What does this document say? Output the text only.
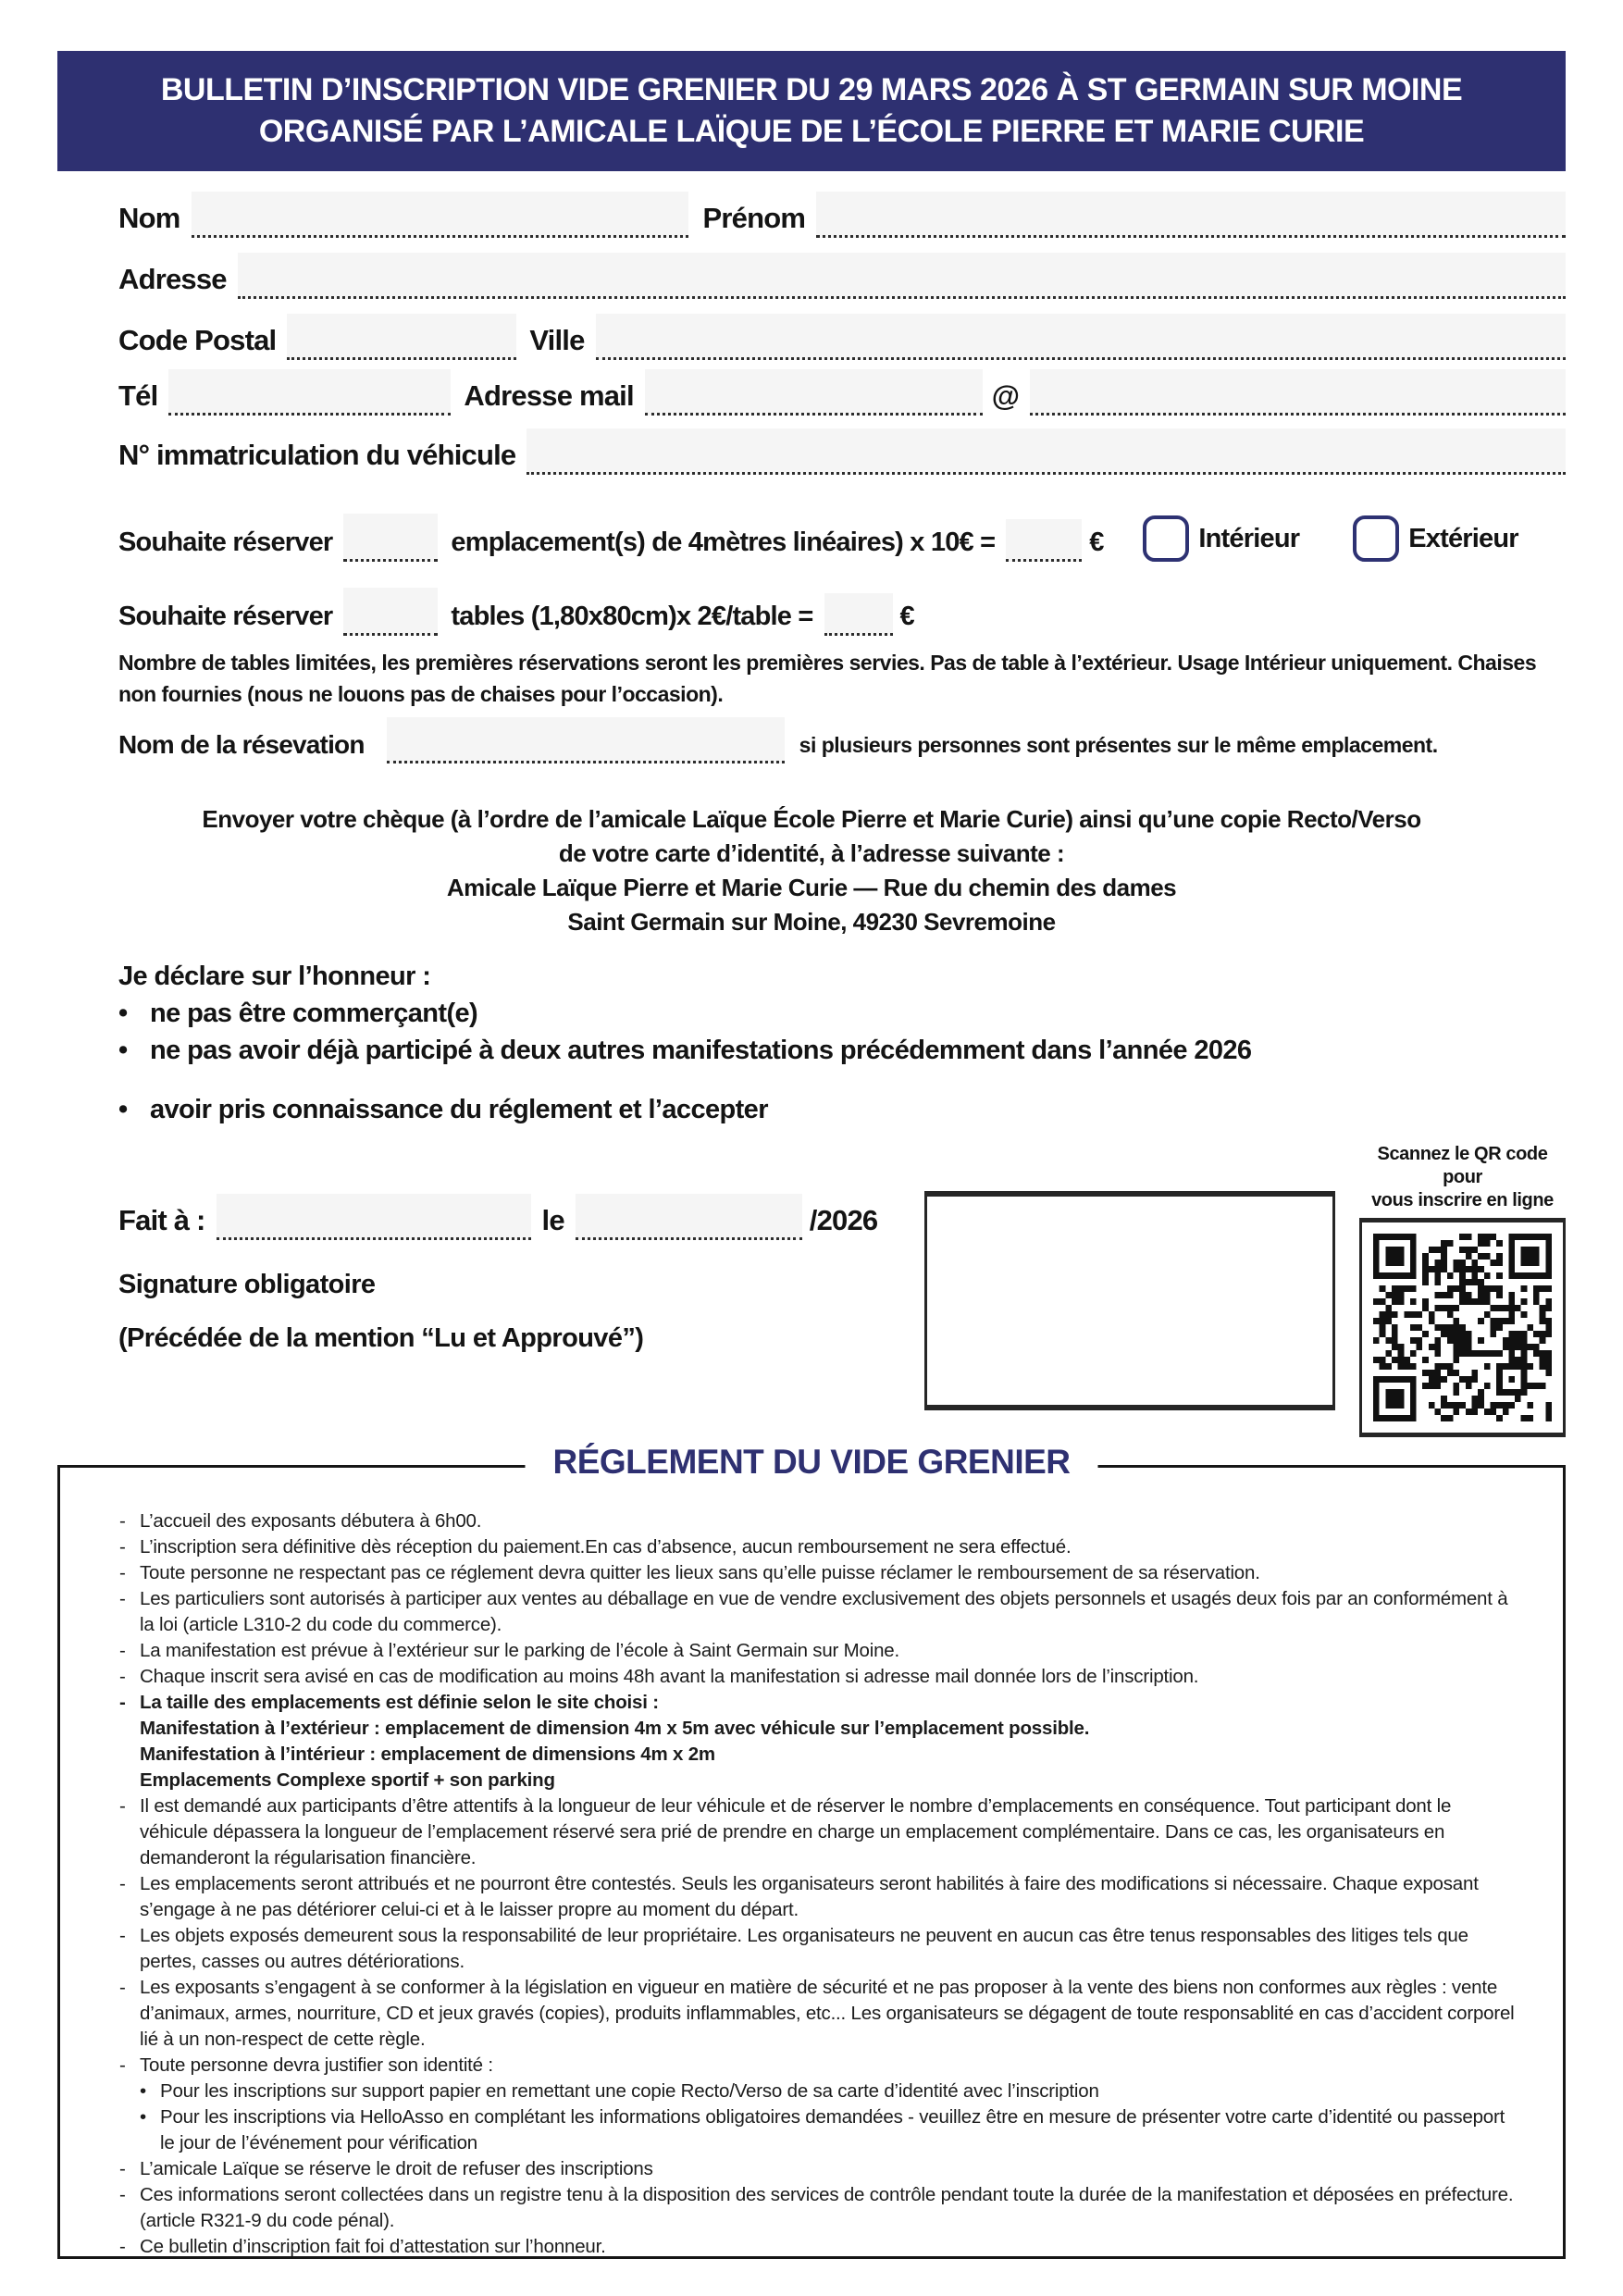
BULLETIN D’INSCRIPTION VIDE GRENIER DU 29 MARS 2026 À ST GERMAIN SUR MOINE
ORGANISÉ PAR L’AMICALE LAÏQUE DE L’ÉCOLE PIERRE ET MARIE CURIE
Nom	Prénom
Adresse
Code Postal	Ville
Tél	Adresse mail	@
N° immatriculation du véhicule
Souhaite réserver	emplacement(s) de 4mètres linéaires) x 10€ =	€	Intérieur	Extérieur
Souhaite réserver	tables (1,80x80cm)x 2€/table =	€
Nombre de tables limitées, les premières réservations seront les premières servies. Pas de table à l’extérieur. Usage Intérieur uniquement. Chaises non fournies (nous ne louons pas de chaises pour l’occasion).
Nom de la résevation	si plusieurs personnes sont présentes sur le même emplacement.
Envoyer votre chèque (à l’ordre de l’amicale Laïque École Pierre et Marie Curie) ainsi qu’une copie Recto/Verso
de votre carte d’identité, à l’adresse suivante :
Amicale Laïque Pierre et Marie Curie — Rue du chemin des dames
Saint Germain sur Moine, 49230 Sevremoine
Je déclare sur l’honneur :
• ne pas être commerçant(e)
• ne pas avoir déjà participé à deux autres manifestations précédemment dans l’année 2026
• avoir pris connaissance du réglement et l’accepter
Fait à :	le	/2026
Signature obligatoire
(Précédée de la mention “Lu et Approuvé”)
Scannez le QR code pour
vous inscrire en ligne
RÉGLEMENT DU VIDE GRENIER
- L’accueil des exposants débutera à 6h00.
- L’inscription sera définitive dès réception du paiement.En cas d’absence, aucun remboursement ne sera effectué.
- Toute personne ne respectant pas ce réglement devra quitter les lieux sans qu’elle puisse réclamer le remboursement de sa réservation.
- Les particuliers sont autorisés à participer aux ventes au déballage en vue de vendre exclusivement des objets personnels et usagés deux fois par an conformément à la loi (article L310-2 du code du commerce).
- La manifestation est prévue à l’extérieur sur le parking de l’école à Saint Germain sur Moine.
- Chaque inscrit sera avisé en cas de modification au moins 48h avant la manifestation si adresse mail donnée lors de l’inscription.
- La taille des emplacements est définie selon le site choisi :
Manifestation à l’extérieur : emplacement de dimension 4m x 5m avec véhicule sur l’emplacement possible.
Manifestation à l’intérieur : emplacement de dimensions 4m x 2m
Emplacements Complexe sportif + son parking
- Il est demandé aux participants d’être attentifs à la longueur de leur véhicule et de réserver le nombre d’emplacements en conséquence. Tout participant dont le véhicule dépassera la longueur de l’emplacement réservé sera prié de prendre en charge un emplacement complémentaire. Dans ce cas, les organisateurs en demanderont la régularisation financière.
- Les emplacements seront attribués et ne pourront être contestés. Seuls les organisateurs seront habilités à faire des modifications si nécessaire. Chaque exposant s’engage à ne pas détériorer celui-ci et à le laisser propre au moment du départ.
- Les objets exposés demeurent sous la responsabilité de leur propriétaire. Les organisateurs ne peuvent en aucun cas être tenus responsables des litiges tels que pertes, casses ou autres détériorations.
- Les exposants s’engagent à se conformer à la législation en vigueur en matière de sécurité et ne pas proposer à la vente des biens non conformes aux règles : vente d’animaux, armes, nourriture, CD et jeux gravés (copies), produits inflammables, etc... Les organisateurs se dégagent de toute responsablité en cas d’accident corporel lié à un non-respect de cette règle.
- Toute personne devra justifier son identité :
• Pour les inscriptions sur support papier en remettant une copie Recto/Verso de sa carte d’identité avec l’inscription
• Pour les inscriptions via HelloAsso en complétant les informations obligatoires demandées - veuillez être en mesure de présenter votre carte d’identité ou passeport le jour de l’événement pour vérification
- L’amicale Laïque se réserve le droit de refuser des inscriptions
- Ces informations seront collectées dans un registre tenu à la disposition des services de contrôle pendant toute la durée de la manifestation et déposées en préfecture. (article R321-9 du code pénal).
- Ce bulletin d’inscription fait foi d’attestation sur l’honneur.
